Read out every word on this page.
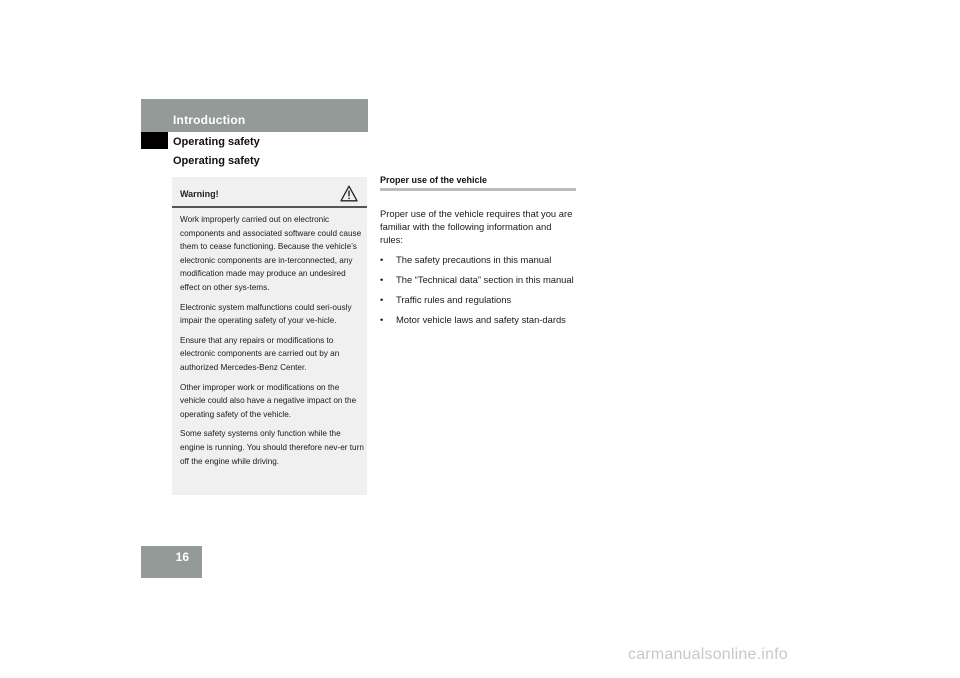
Introduction
Operating safety
Operating safety
Warning!

Work improperly carried out on electronic components and associated software could cause them to cease functioning. Because the vehicle’s electronic components are in-terconnected, any modification made may produce an undesired effect on other sys-tems.

Electronic system malfunctions could seri-ously impair the operating safety of your ve-hicle.

Ensure that any repairs or modifications to electronic components are carried out by an authorized Mercedes-Benz Center.

Other improper work or modifications on the vehicle could also have a negative impact on the operating safety of the vehicle.

Some safety systems only function while the engine is running. You should therefore nev-er turn off the engine while driving.

Proper use of the vehicle
Proper use of the vehicle requires that you are familiar with the following information and rules:
• The safety precautions in this manual
• The “Technical data” section in this manual
• Traffic rules and regulations
• Motor vehicle laws and safety stan-dards
16
carmanualsonline.info
